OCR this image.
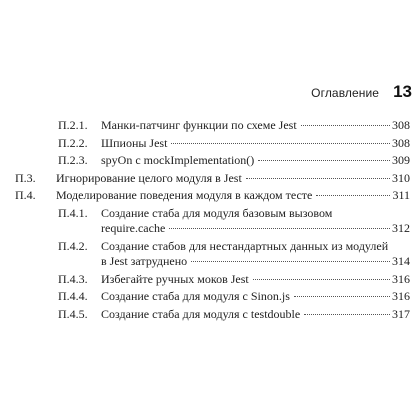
Оглавление 13
П.2.1.	Манки-патчинг функции по схеме Jest	308
П.2.2.	Шпионы Jest	308
П.2.3.	spyOn с mockImplementation()	309
П.3.	Игнорирование целого модуля в Jest	310
П.4.	Моделирование поведения модуля в каждом тесте	311
П.4.1.	Создание стаба для модуля базовым вызовом
require.cache	312
П.4.2.	Создание стабов для нестандартных данных из модулей
в Jest затруднено	314
П.4.3.	Избегайте ручных моков Jest	316
П.4.4.	Создание стаба для модуля с Sinon.js	316
П.4.5.	Создание стаба для модуля с testdouble	317
